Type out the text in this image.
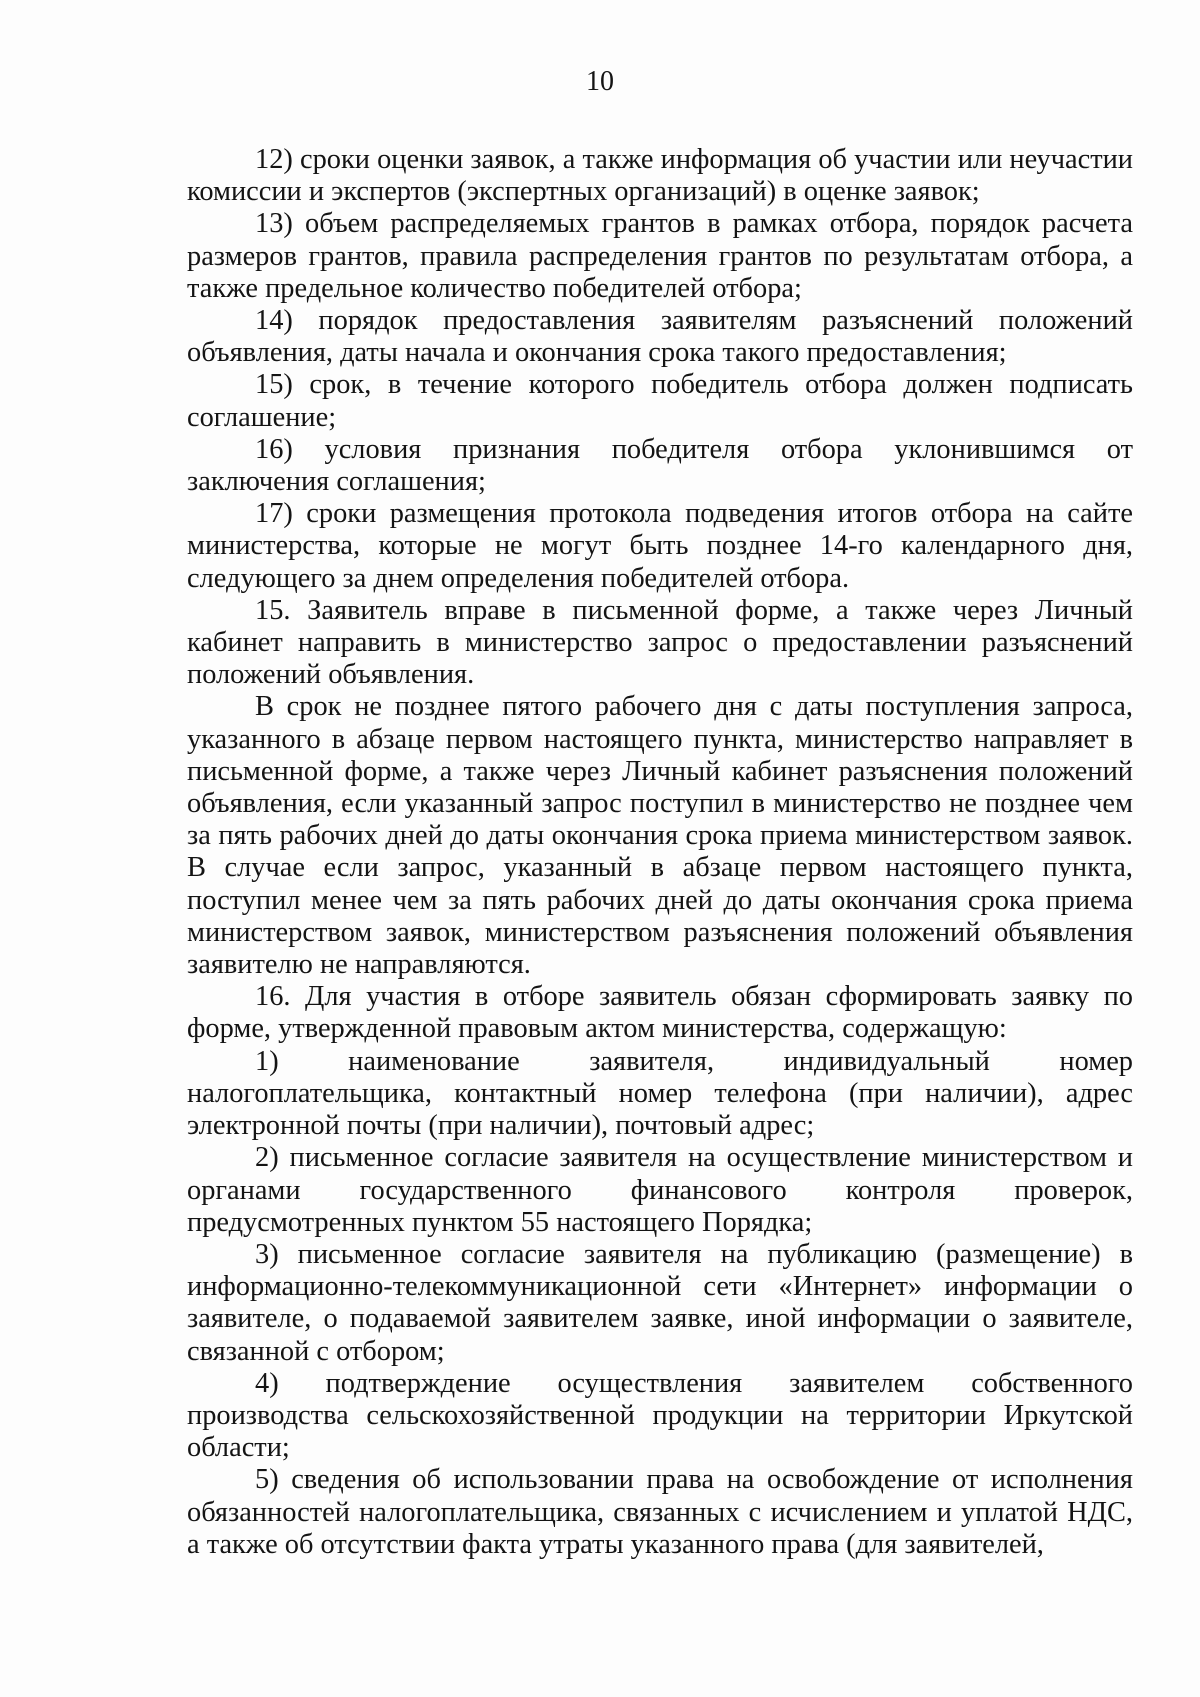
10

12) сроки оценки заявок, а также информация об участии или неучастии комиссии и экспертов (экспертных организаций) в оценке заявок;

13) объем распределяемых грантов в рамках отбора, порядок расчета размеров грантов, правила распределения грантов по результатам отбора, а также предельное количество победителей отбора;

14) порядок предоставления заявителям разъяснений положений объявления, даты начала и окончания срока такого предоставления;

15) срок, в течение которого победитель отбора должен подписать соглашение;

16) условия признания победителя отбора уклонившимся от заключения соглашения;

17) сроки размещения протокола подведения итогов отбора на сайте министерства, которые не могут быть позднее 14-го календарного дня, следующего за днем определения победителей отбора.

15. Заявитель вправе в письменной форме, а также через Личный кабинет направить в министерство запрос о предоставлении разъяснений положений объявления.

В срок не позднее пятого рабочего дня с даты поступления запроса, указанного в абзаце первом настоящего пункта, министерство направляет в письменной форме, а также через Личный кабинет разъяснения положений объявления, если указанный запрос поступил в министерство не позднее чем за пять рабочих дней до даты окончания срока приема министерством заявок. В случае если запрос, указанный в абзаце первом настоящего пункта, поступил менее чем за пять рабочих дней до даты окончания срока приема министерством заявок, министерством разъяснения положений объявления заявителю не направляются.

16. Для участия в отборе заявитель обязан сформировать заявку по форме, утвержденной правовым актом министерства, содержащую:

1) наименование заявителя, индивидуальный номер налогоплательщика, контактный номер телефона (при наличии), адрес электронной почты (при наличии), почтовый адрес;

2) письменное согласие заявителя на осуществление министерством и органами государственного финансового контроля проверок, предусмотренных пунктом 55 настоящего Порядка;

3) письменное согласие заявителя на публикацию (размещение) в информационно-телекоммуникационной сети «Интернет» информации о заявителе, о подаваемой заявителем заявке, иной информации о заявителе, связанной с отбором;

4) подтверждение осуществления заявителем собственного производства сельскохозяйственной продукции на территории Иркутской области;

5) сведения об использовании права на освобождение от исполнения обязанностей налогоплательщика, связанных с исчислением и уплатой НДС, а также об отсутствии факта утраты указанного права (для заявителей,
